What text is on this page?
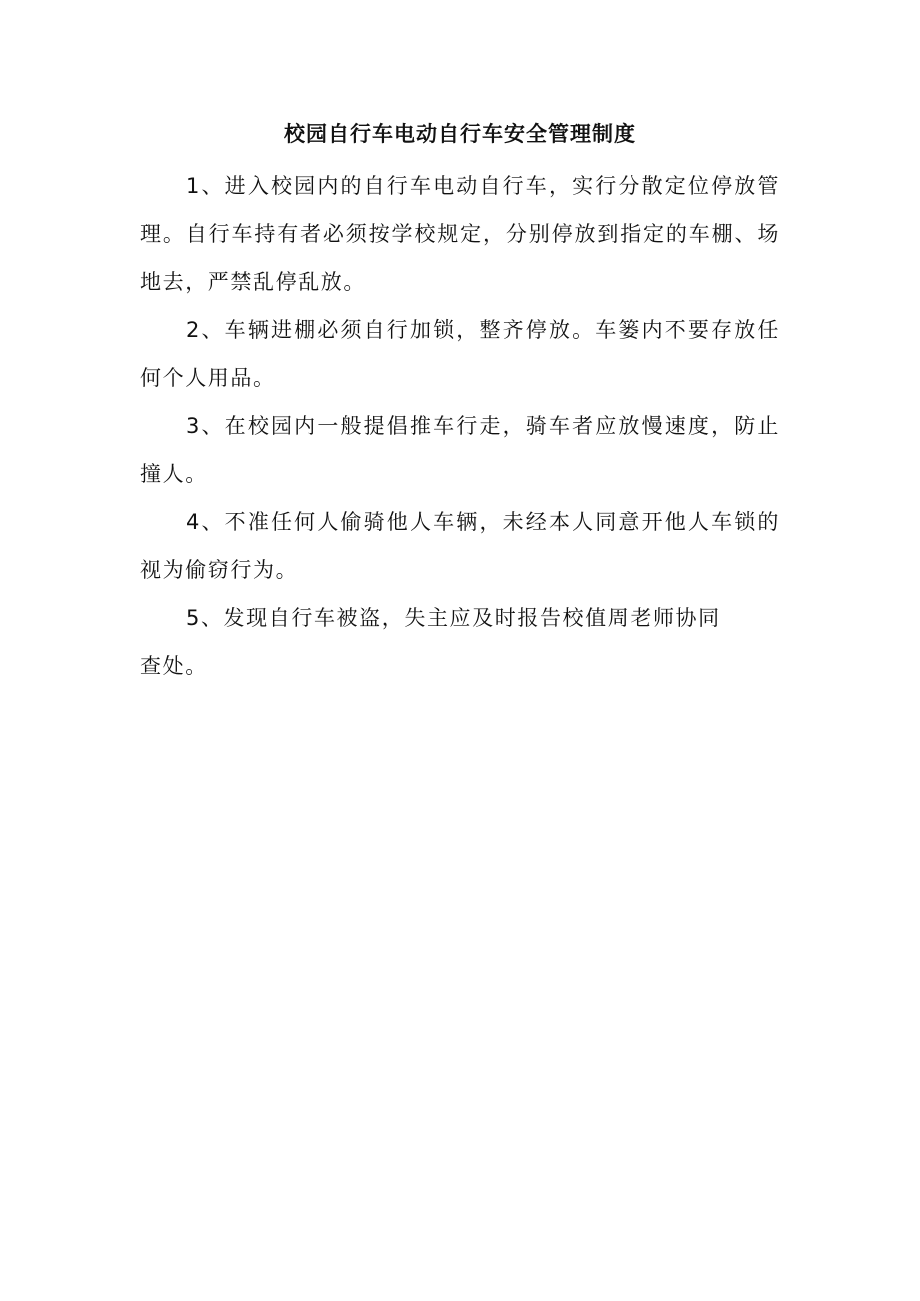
校园自行车电动自行车安全管理制度

1、进入校园内的自行车电动自行车，实行分散定位停放管理。自行车持有者必须按学校规定，分别停放到指定的车棚、场地去，严禁乱停乱放。

2、车辆进棚必须自行加锁，整齐停放。车篓内不要存放任何个人用品。

3、在校园内一般提倡推车行走，骑车者应放慢速度，防止撞人。

4、不准任何人偷骑他人车辆，未经本人同意开他人车锁的视为偷窃行为。

5、发现自行车被盗，失主应及时报告校值周老师协同
查处。
